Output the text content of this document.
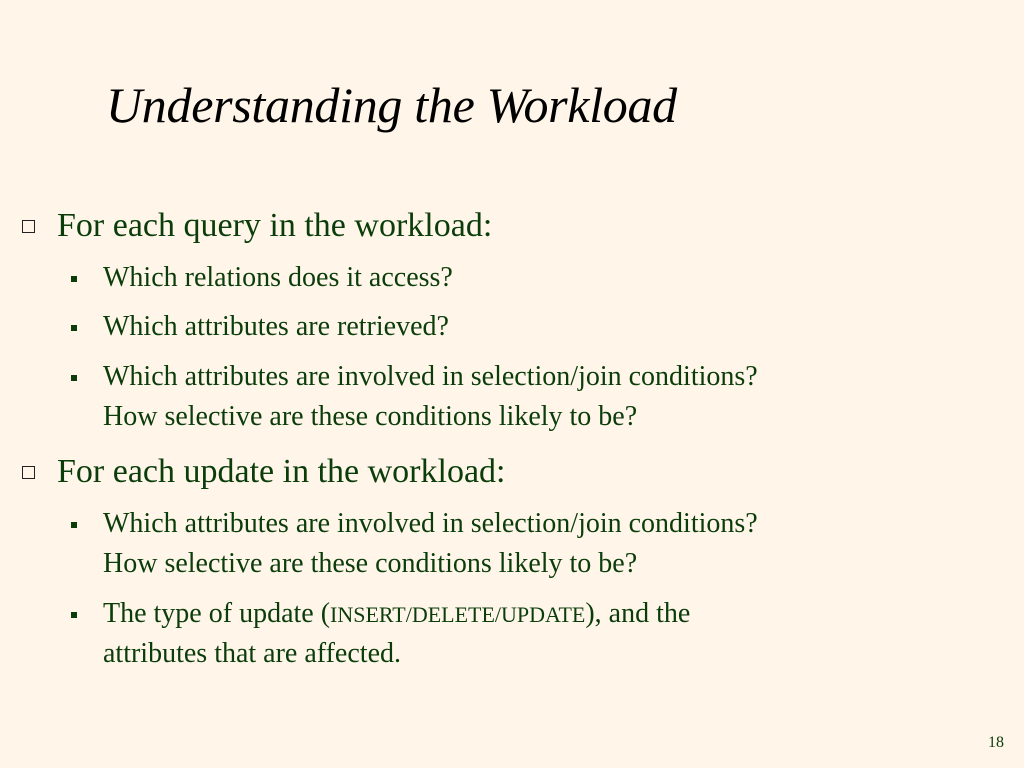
Understanding the Workload
For each query in the workload:
Which relations does it access?
Which attributes are retrieved?
Which attributes are involved in selection/join conditions?
How selective are these conditions likely to be?
For each update in the workload:
Which attributes are involved in selection/join conditions?
How selective are these conditions likely to be?
The type of update (INSERT/DELETE/UPDATE), and the
attributes that are affected.
18
